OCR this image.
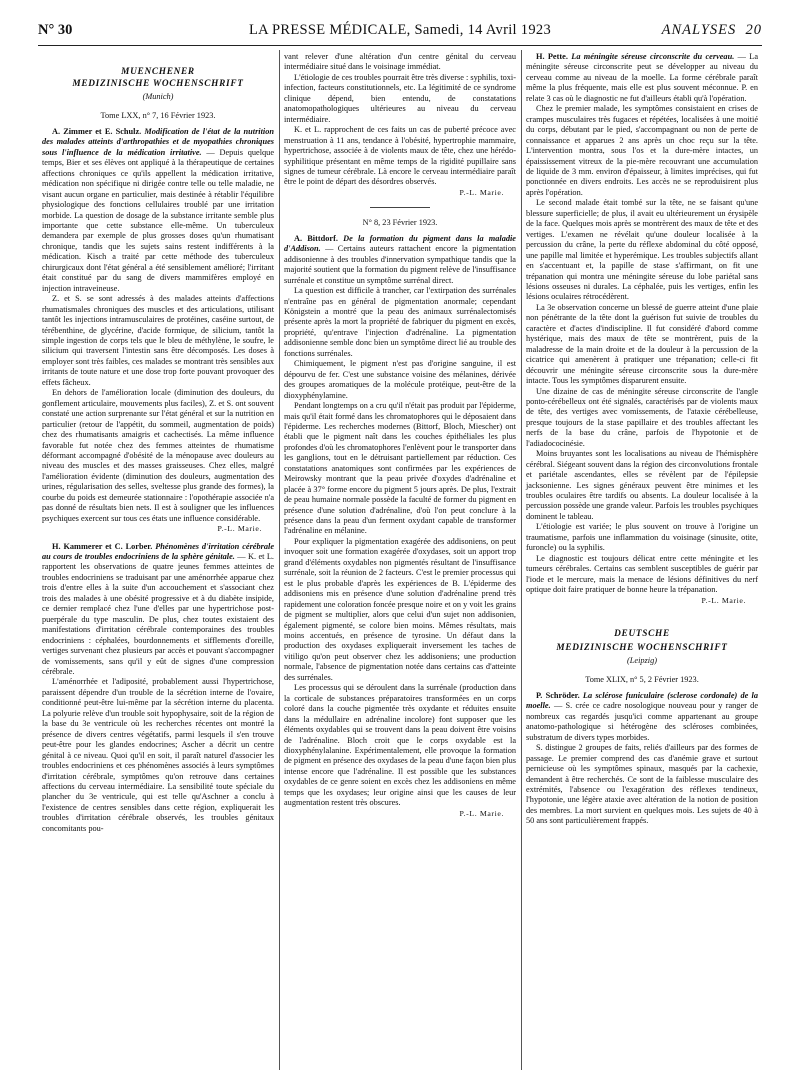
N° 30	LA PRESSE MÉDICALE, Samedi, 14 Avril 1923	ANALYSES 20
MUENCHENER
MEDIZINISCHE WOCHENSCHRIFT
(Munich)
Tome LXX, n° 7, 16 Février 1923.

A. Zimmer et E. Schulz. Modification de l'état de la nutrition des malades atteints d'arthropathies et de myopathies chroniques sous l'influence de la médication irritative. — Depuis quelque temps, Bier et ses élèves ont appliqué à la thérapeutique de certaines affections chroniques ce qu'ils appellent la médication irritative, médication non spécifique ni dirigée contre telle ou telle maladie, ne visant aucun organe en particulier, mais destinée à rétablir l'équilibre physiologique des fonctions cellulaires troublé par une irritation morbide. La question de dosage de la substance irritante semble plus importante que cette substance elle-même. Un tuberculeux demandera par exemple de plus grosses doses qu'un rhumatisant chronique, tandis que les sujets sains restent indifférents à la médication. Kisch a traité par cette méthode des tuberculeux chirurgicaux dont l'état général a été sensiblement amélioré; l'irritant était constitué par du sang de divers mammifères employé en injection intraveineuse.

Z. et S. se sont adressés à des malades atteints d'affections rhumatismales chroniques des muscles et des articulations, utilisant tantôt les injections intramusculaires de protéines, caséine surtout, de térébenthine, de glycérine, d'acide formique, de silicium, tantôt la simple ingestion de corps tels que le bleu de méthylène, le soufre, le silicium qui traversent l'intestin sans être décomposés. Les doses à employer sont très faibles, ces malades se montrant très sensibles aux irritants de toute nature et une dose trop forte pouvant provoquer des effets fâcheux.

En dehors de l'amélioration locale (diminution des douleurs, du gonflement articulaire, mouvements plus faciles), Z. et S. ont souvent constaté une action surprenante sur l'état général et sur la nutrition en particulier (retour de l'appétit, du sommeil, augmentation de poids) chez des rhumatisants amaigris et cachectisés. La même influence favorable fut notée chez des femmes atteintes de rhumatisme déformant accompagné d'obésité de la ménopause avec douleurs au niveau des muscles et des masses graisseuses. Chez elles, malgré l'amélioration évidente (diminution des douleurs, augmentation des urines, régularisation des selles, sveltesse plus grande des formes), la courbe du poids est demeurée stationnaire : l'opothérapie associée n'a pas donné de résultats bien nets. Il est à souligner que les influences psychiques exercent sur tous ces états une influence considérable.

P.-L. Marie.

H. Kammerer et C. Lorber. Phénomènes d'irritation cérébrale au cours de troubles endocriniens de la sphère génitale. — K. et L. rapportent les observations de quatre jeunes femmes atteintes de troubles endocriniens se traduisant par une aménorrhée apparue chez trois d'entre elles à la suite d'un accouchement et s'associant chez trois des malades à une obésité progressive et à du diabète insipide, ce dernier remplacé chez l'une d'elles par une hypertrichose post-puerpérale du type masculin. De plus, chez toutes existaient des manifestations d'irritation cérébrale contemporaines des troubles endocriniens : céphalées, bourdonnements et sifflements d'oreille, vertiges survenant chez plusieurs par accès et pouvant s'accompagner de vomissements, sans qu'il y eût de signes d'une compression cérébrale.

L'aménorrhée et l'adiposité, probablement aussi l'hypertrichose, paraissent dépendre d'un trouble de la sécrétion interne de l'ovaire, conditionné peut-être lui-même par la sécrétion interne du placenta. La polyurie relève d'un trouble soit hypophysaire, soit de la région de la base du 3e ventricule où les recherches récentes ont montré la présence de divers centres végétatifs, parmi lesquels il s'en trouve peut-être pour les glandes endocrines; Ascher a décrit un centre génital à ce niveau. Quoi qu'il en soit, il paraît naturel d'associer les troubles endocriniens et ces phénomènes associés à leurs symptômes d'irritation cérébrale, symptômes qu'on retrouve dans certaines affections du cerveau intermédiaire. La sensibilité toute spéciale du plancher du 3e ventricule, qui est telle qu'Aschner a conclu à l'existence de centres sensibles dans cette région, expliquerait les troubles d'irritation cérébrale observés, les troubles génitaux concomitants pou-

vant relever d'une altération d'un centre génital du cerveau intermédiaire situé dans le voisinage immédiat.

L'étiologie de ces troubles pourrait être très diverse : syphilis, toxi-infection, facteurs constitutionnels, etc. La légitimité de ce syndrome clinique dépend, bien entendu, de constatations anatomopathologiques ultérieures au niveau du cerveau intermédiaire.

K. et L. rapprochent de ces faits un cas de puberté précoce avec menstruation à 11 ans, tendance à l'obésité, hypertrophie mammaire, hypertrichose, associée à de violents maux de tête, chez une hérédo-syphilitique présentant en même temps de la rigidité pupillaire sans signes de tumeur cérébrale. Là encore le cerveau intermédiaire paraît être le point de départ des désordres observés.

P.-L. Marie.
N° 8, 23 Février 1923.

A. Bittdorf. De la formation du pigment dans la maladie d'Addison. — Certains auteurs rattachent encore la pigmentation addisonienne à des troubles d'innervation sympathique tandis que la majorité soutient que la formation du pigment relève de l'insuffisance surrénale et constitue un symptôme surrénal direct.

La question est difficile à trancher, car l'extirpation des surrénales n'entraîne pas en général de pigmentation anormale; cependant Königstein a montré que la peau des animaux surrénalectomisés présente après la mort la propriété de fabriquer du pigment en excès, propriété, qu'entrave l'injection d'adrénaline. La pigmentation addisonienne semble donc bien un symptôme direct lié au trouble des fonctions surrénales.

Chimiquement, le pigment n'est pas d'origine sanguine, il est dépourvu de fer. C'est une substance voisine des mélanines, dérivée des groupes aromatiques de la molécule protéique, peut-être de la dioxyphénylamine.

Pendant longtemps on a cru qu'il n'était pas produit par l'épiderme, mais qu'il était formé dans les chromatophores qui le déposaient dans l'épiderme. Les recherches modernes (Bittorf, Bloch, Miescher) ont établi que le pigment naît dans les couches épithéliales les plus profondes d'où les chromatophores l'enlèvent pour le transporter dans les ganglions, tout en le détruisant partiellement par réduction. Ces constatations anatomiques sont confirmées par les expériences de Meirowsky montrant que la peau privée d'oxydes d'adrénaline et placée à 37° forme encore du pigment 5 jours après. De plus, l'extrait de peau humaine normale possède la faculté de former du pigment en présence d'une solution d'adrénaline, d'où l'on peut conclure à la présence dans la peau d'un ferment oxydant capable de transformer l'adrénaline en mélanine.

Pour expliquer la pigmentation exagérée des addisoniens, on peut invoquer soit une formation exagérée d'oxydases, soit un apport trop grand d'éléments oxydables non pigmentés résultant de l'insuffisance surrénale, soit la réunion de 2 facteurs. C'est le premier processus qui est le plus probable d'après les expériences de B. L'épiderme des addisoniens mis en présence d'une solution d'adrénaline prend très rapidement une coloration foncée presque noire et on y voit les grains de pigment se multiplier, alors que celui d'un sujet non addisonien, également pigmenté, se colore bien moins. Mêmes résultats, mais moins accentués, en présence de tyrosine. Un défaut dans la production des oxydases expliquerait inversement les taches de vitiligo qu'on peut observer chez les addisoniens; une production normale, l'absence de pigmentation notée dans certains cas d'atteinte des surrénales.

Les processus qui se déroulent dans la surrénale (production dans la corticale de substances préparatoires transformées en un corps coloré dans la couche pigmentée très oxydante et réduites ensuite dans la médullaire en adrénaline incolore) font supposer que les éléments oxydables qui se trouvent dans la peau doivent être voisins de l'adrénaline. Bloch croit que le corps oxydable est la dioxyphénylalanine. Expérimentalement, elle provoque la formation de pigment en présence des oxydases de la peau d'une façon bien plus intense encore que l'adrénaline. Il est possible que les substances oxydables de ce genre soient en excès chez les addisoniens en même temps que les oxydases; leur origine ainsi que les causes de leur augmentation restent très obscures.

P.-L. Marie.

H. Pette. La méningite séreuse circonscrite du cerveau. — La méningite séreuse circonscrite peut se développer au niveau du cerveau comme au niveau de la moelle. La forme cérébrale paraît même la plus fréquente, mais elle est plus souvent méconnue. P. en relate 3 cas où le diagnostic ne fut d'ailleurs établi qu'à l'opération.

Chez le premier malade, les symptômes consistaient en crises de crampes musculaires très fugaces et répétées, localisées à une moitié du corps, débutant par le pied, s'accompagnant ou non de perte de connaissance et apparues 2 ans après un choc reçu sur la tête. L'intervention montra, sous l'os et la dure-mère intactes, un épaississement vitreux de la pie-mère recouvrant une accumulation de liquide de 3 mm. environ d'épaisseur, à limites imprécises, qui fut ponctionnée en divers endroits. Les accès ne se reproduisirent plus après l'opération.

Le second malade était tombé sur la tête, ne se faisant qu'une blessure superficielle; de plus, il avait eu ultérieurement un érysipèle de la face. Quelques mois après se montrèrent des maux de tête et des vertiges. L'examen ne révélait qu'une douleur localisée à la percussion du crâne, la perte du réflexe abdominal du côté opposé, une papille mal limitée et hyperémique. Les troubles subjectifs allant en s'accentuant et, la papille de stase s'affirmant, on fit une trépanation qui montra une méningite séreuse du lobe pariétal sans lésions osseuses ni durales. La céphalée, puis les vertiges, enfin les lésions oculaires rétrocédèrent.

La 3e observation concerne un blessé de guerre atteint d'une plaie non pénétrante de la tête dont la guérison fut suivie de troubles du caractère et d'actes d'indiscipline. Il fut considéré d'abord comme hystérique, mais des maux de tête se montrèrent, puis de la maladresse de la main droite et de la douleur à la percussion de la cicatrice qui amenèrent à pratiquer une trépanation; celle-ci fit découvrir une méningite séreuse circonscrite sous la dure-mère intacte. Tous les symptômes disparurent ensuite.

Une dizaine de cas de méningite séreuse circonscrite de l'angle ponto-cérébelleux ont été signalés, caractérisés par de violents maux de tête, des vertiges avec vomissements, de l'ataxie cérébelleuse, presque toujours de la stase papillaire et des troubles affectant les nerfs de la base du crâne, parfois de l'hypotonie et de l'adiadococinésie.

Moins bruyantes sont les localisations au niveau de l'hémisphère cérébral. Siégeant souvent dans la région des circonvolutions frontale et pariétale ascendantes, elles se révèlent par de l'épilepsie jacksonienne. Les signes généraux peuvent être minimes et les troubles oculaires être tardifs ou absents. La douleur localisée à la percussion possède une grande valeur. Parfois les troubles psychiques dominent le tableau.

L'étiologie est variée; le plus souvent on trouve à l'origine un traumatisme, parfois une inflammation du voisinage (sinusite, otite, furoncle) ou la syphilis.

Le diagnostic est toujours délicat entre cette méningite et les tumeurs cérébrales. Certains cas semblent susceptibles de guérir par l'iode et le mercure, mais la menace de lésions définitives du nerf optique doit faire pratiquer de bonne heure la trépanation.

P.-L. Marie.
DEUTSCHE
MEDIZINISCHE WOCHENSCHRIFT
(Leipzig)
Tome XLIX, n° 5, 2 Février 1923.

P. Schröder. La sclérose funiculaire (sclerose cordonale) de la moelle. — S. crée ce cadre nosologique nouveau pour y ranger de nombreux cas regardés jusqu'ici comme appartenant au groupe anatomo-pathologique si hétérogène des scléroses combinées, substratum de divers types morbides.

S. distingue 2 groupes de faits, reliés d'ailleurs par des formes de passage. Le premier comprend des cas d'anémie grave et surtout pernicieuse où les symptômes spinaux, masqués par la cachexie, demandent à être recherchés. Ce sont de la faiblesse musculaire des extrémités, l'absence ou l'exagération des réflexes tendineux, l'hypotonie, une légère ataxie avec altération de la notion de position des membres. La mort survient en quelques mois. Les sujets de 40 à 50 ans sont particulièrement frappés.
